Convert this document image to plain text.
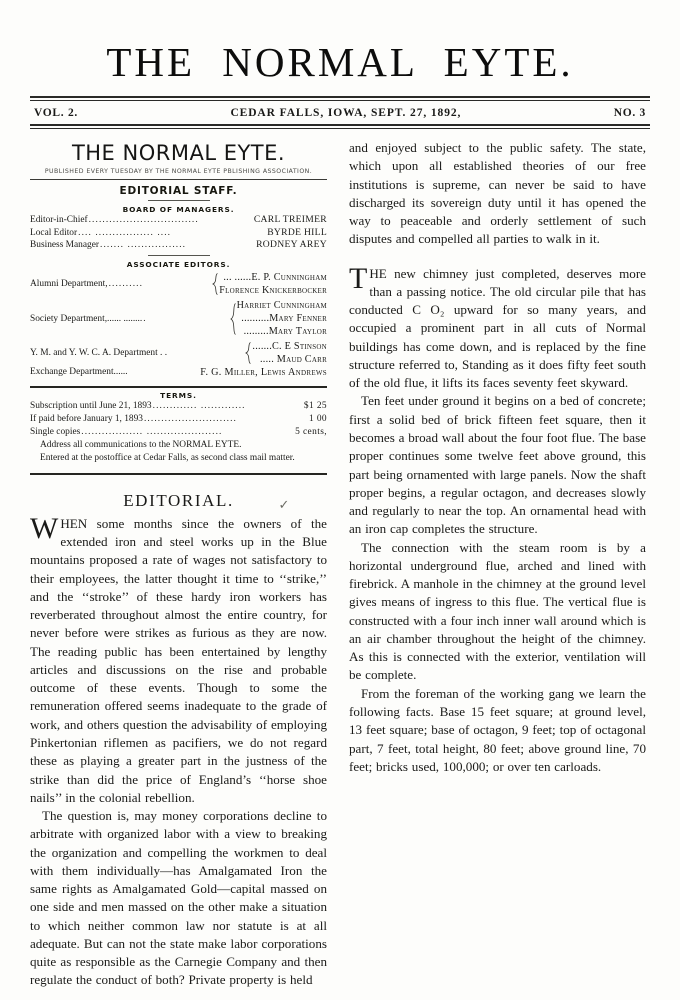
THE NORMAL EYTE.
VOL. 2.	CEDAR FALLS, IOWA, SEPT. 27, 1892,	NO. 3
THE NORMAL EYTE.
PUBLISHED EVERY TUESDAY BY THE NORMAL EYTE PBLISHING ASSOCIATION.
EDITORIAL STAFF.
BOARD OF MANAGERS.
Editor-in-Chief ................................	CARL TREIMER
Local Editor .... ................. ....	BYRDE HILL
Business Manager ....... .................	RODNEY AREY
ASSOCIATE EDITORS.
Alumni Department, ..........
... ......E. P. Cunningham
Florence Knickerbocker
Society Department,...... ........ .
Harriet Cunningham
..........Mary Fenner
.........Mary Taylor
Y. M. and Y. W. C. A. Department . .
.......C. E Stinson
..... Maud Carr
Exchange Department......	F. G. Miller, Lewis Andrews
TERMS.
Subscription until June 21, 1893 ............. .............	$1 25
If paid before January 1, 1893 ...........................	1 00
Single copies .................. ......................	5 cents,
Address all communications to the NORMAL EYTE.
Entered at the postoffice at Cedar Falls, as second class mail matter.
EDITORIAL.	✓
WHEN some months since the owners of the extended iron and steel works up in the Blue mountains proposed a rate of wages not satisfactory to their employees, the latter thought it time to ‘‘strike,’’ and the ‘‘stroke’’ of these hardy iron workers has reverberated throughout almost the entire country, for never before were strikes as furious as they are now. The reading public has been entertained by lengthy articles and discussions on the rise and probable outcome of these events. Though to some the remuneration offered seems inadequate to the grade of work, and others question the advisability of employing Pinkertonian riflemen as pacifiers, we do not regard these as playing a greater part in the justness of the strike than did the price of England’s ‘‘horse shoe nails’’ in the colonial rebellion.

The question is, may money corporations decline to arbitrate with organized labor with a view to breaking the organization and compelling the workmen to deal with them individually—has Amalgamated Iron the same rights as Amalgamated Gold—capital massed on one side and men massed on the other make a situation to which neither common law nor statute is at all adequate. But can not the state make labor corporations quite as responsible as the Carnegie Company and then regulate the conduct of both? Private property is held

and enjoyed subject to the public safety. The state, which upon all established theories of our free institutions is supreme, can never be said to have discharged its sovereign duty until it has opened the way to peaceable and orderly settlement of such disputes and compelled all parties to walk in it.

THE new chimney just completed, deserves more than a passing notice. The old circular pile that has conducted C O₂ upward for so many years, and occupied a prominent part in all cuts of Normal buildings has come down, and is replaced by the fine structure referred to, Standing as it does fifty feet south of the old flue, it lifts its faces seventy feet skyward.

Ten feet under ground it begins on a bed of concrete; first a solid bed of brick fifteen feet square, then it becomes a broad wall about the four foot flue. The base proper continues some twelve feet above ground, this part being ornamented with large panels. Now the shaft proper begins, a regular octagon, and decreases slowly and regularly to near the top. An ornamental head with an iron cap completes the structure.

The connection with the steam room is by a horizontal underground flue, arched and lined with firebrick. A manhole in the chimney at the ground level gives means of ingress to this flue. The vertical flue is constructed with a four inch inner wall around which is an air chamber throughout the height of the chimney. As this is connected with the exterior, ventilation will be complete.

From the foreman of the working gang we learn the following facts. Base 15 feet square; at ground level, 13 feet square; base of octagon, 9 feet; top of octagonal part, 7 feet, total height, 80 feet; above ground line, 70 feet; bricks used, 100,000; or over ten carloads.
